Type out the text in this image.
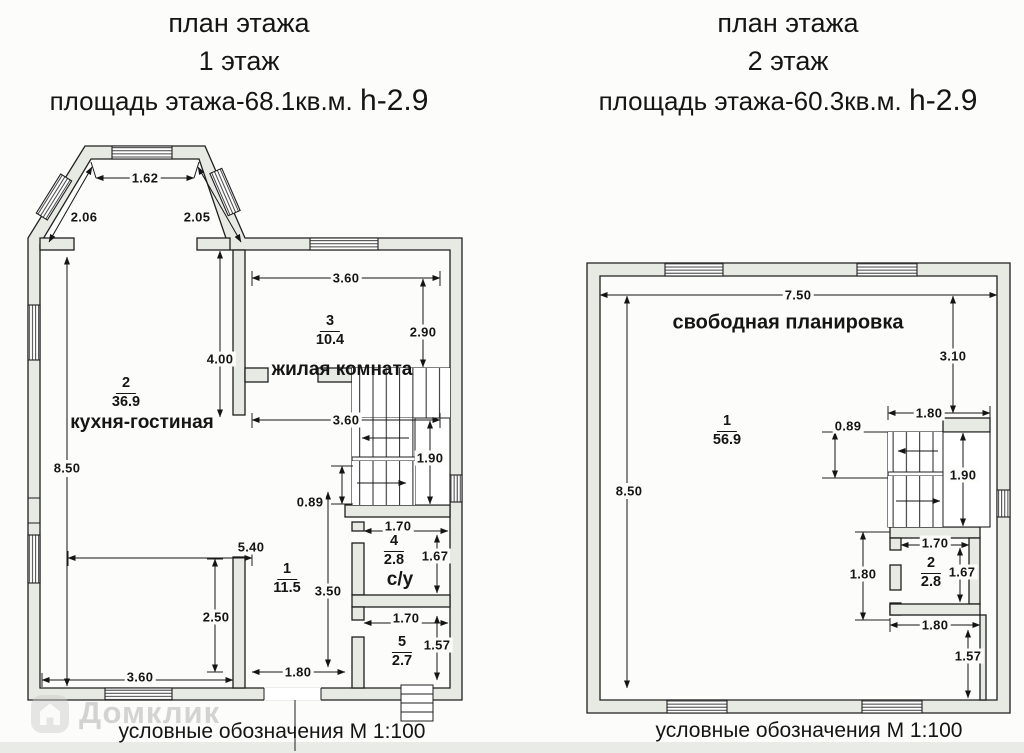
план этажа
1 этаж
площадь этажа-68.1кв.м. h-2.9
план этажа
2 этаж
площадь этажа-60.3кв.м. h-2.9
1.62
2.06	2.05
3.60
2.90
4.00
8.50
3.60
1.90
0.89
1.70
1.67
5.40
2.50
3.50
1.70
1.57
3.60	1.80
$\frac{2}{36.9}$
кухня-гостиная
$\frac{3}{10.4}$
жилая комната
$\frac{1}{11.5}$
$\frac{4}{2.8}$
с/у
$\frac{5}{2.7}$
условные обозначения М 1:100
7.50
3.10
8.50
1.80
0.89
1.90
1.70
1.67
1.80
1.80
1.57
$\frac{1}{56.9}$
свободная планировка
$\frac{2}{2.8}$
условные обозначения М 1:100
Домклик
